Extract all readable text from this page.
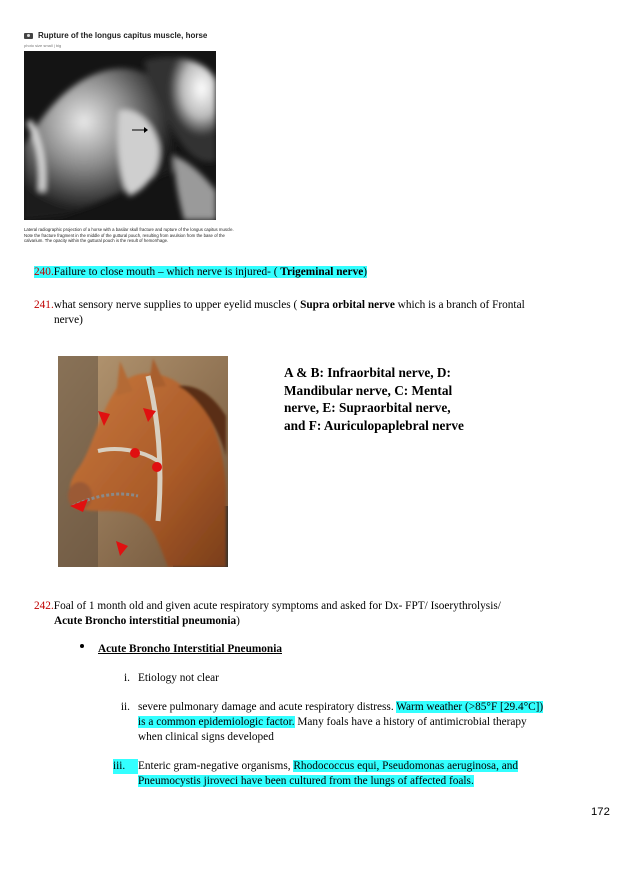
Rupture of the longus capitus muscle, horse
photo size small | big
Lateral radiographic projection of a horse with a basilar skull fracture and rupture of the longus capitus muscle.
Note the fracture fragment in the middle of the guttural pouch, resulting from avulsion from the base of the
calvarium. The opacity within the guttural pouch is the result of hemorrhage.
240.Failure to close mouth – which nerve is injured- ( Trigeminal nerve)
241.what sensory nerve supplies to upper eyelid muscles ( Supra orbital nerve which is a branch of Frontal
nerve)
A & B: Infraorbital nerve, D:
Mandibular nerve, C: Mental
nerve, E: Supraorbital nerve,
and F: Auriculopaplebral nerve
242.Foal of 1 month old and given acute respiratory symptoms and asked for Dx- FPT/ Isoerythrolysis/
Acute Broncho interstitial pneumonia)
Acute Broncho Interstitial Pneumonia
i. Etiology not clear
ii. severe pulmonary damage and acute respiratory distress. Warm weather (>85°F [29.4°C])
is a common epidemiologic factor. Many foals have a history of antimicrobial therapy
when clinical signs developed
iii.	Enteric gram-negative organisms, Rhodococcus equi, Pseudomonas aeruginosa, and
Pneumocystis jiroveci have been cultured from the lungs of affected foals.
172
